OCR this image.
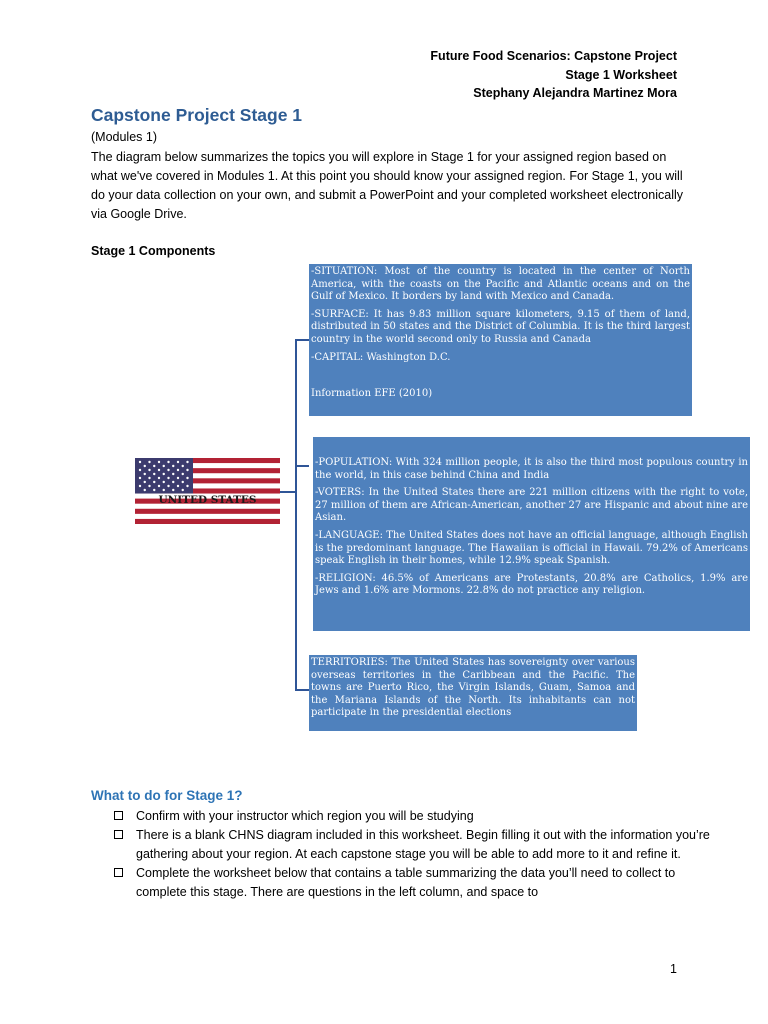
Future Food Scenarios: Capstone Project
Stage 1 Worksheet
Stephany Alejandra Martinez Mora
Capstone Project Stage 1
(Modules 1)
The diagram below summarizes the topics you will explore in Stage 1 for your assigned region based on what we've covered in Modules 1. At this point you should know your assigned region. For Stage 1, you will do your data collection on your own, and submit a PowerPoint and your completed worksheet electronically via Google Drive.
Stage 1 Components

-SITUATION: Most of the country is located in the center of North America, with the coasts on the Pacific and Atlantic oceans and on the Gulf of Mexico. It borders by land with Mexico and Canada.

-SURFACE: It has 9.83 million square kilometers, 9.15 of them of land, distributed in 50 states and the District of Columbia. It is the third largest country in the world second only to Russia and Canada

-CAPITAL: Washington D.C.

Information EFE (2010)

-POPULATION: With 324 million people, it is also the third most populous country in the world, in this case behind China and India

-VOTERS: In the United States there are 221 million citizens with the right to vote, 27 million of them are African-American, another 27 are Hispanic and about nine are Asian.

-LANGUAGE: The United States does not have an official language, although English is the predominant language. The Hawaiian is official in Hawaii. 79.2% of Americans speak English in their homes, while 12.9% speak Spanish.

-RELIGION: 46.5% of Americans are Protestants, 20.8% are Catholics, 1.9% are Jews and 1.6% are Mormons. 22.8% do not practice any religion.

TERRITORIES: The United States has sovereignty over various overseas territories in the Caribbean and the Pacific. The towns are Puerto Rico, the Virgin Islands, Guam, Samoa and the Mariana Islands of the North. Its inhabitants can not participate in the presidential elections

UNITED STATES
What to do for Stage 1?
Confirm with your instructor which region you will be studying
There is a blank CHNS diagram included in this worksheet. Begin filling it out with the information you’re gathering about your region. At each capstone stage you will be able to add more to it and refine it.
Complete the worksheet below that contains a table summarizing the data you’ll need to collect to complete this stage. There are questions in the left column, and space to
1
